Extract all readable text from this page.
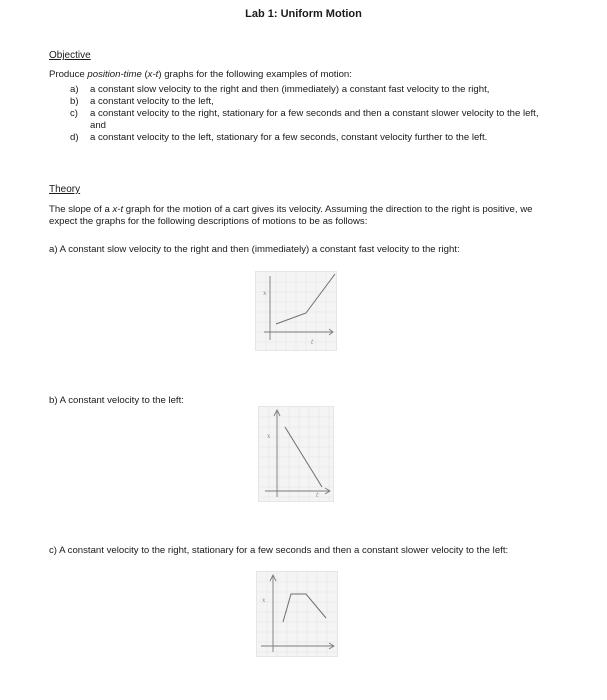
Lab 1: Uniform Motion
Objective
Produce position-time (x-t) graphs for the following examples of motion:
a)	a constant slow velocity to the right and then (immediately) a constant fast velocity to the right,
b)	a constant velocity to the left,
c)	a constant velocity to the right, stationary for a few seconds and then a constant slower velocity to the left, and
d)	a constant velocity to the left, stationary for a few seconds, constant velocity further to the left.
Theory
The slope of a x-t graph for the motion of a cart gives its velocity. Assuming the direction to the right is positive, we expect the graphs for the following descriptions of motions to be as follows:
a) A constant slow velocity to the right and then (immediately) a constant fast velocity to the right:
x
t
b) A constant velocity to the left:
x
t
c) A constant velocity to the right, stationary for a few seconds and then a constant slower velocity to the left:
x
